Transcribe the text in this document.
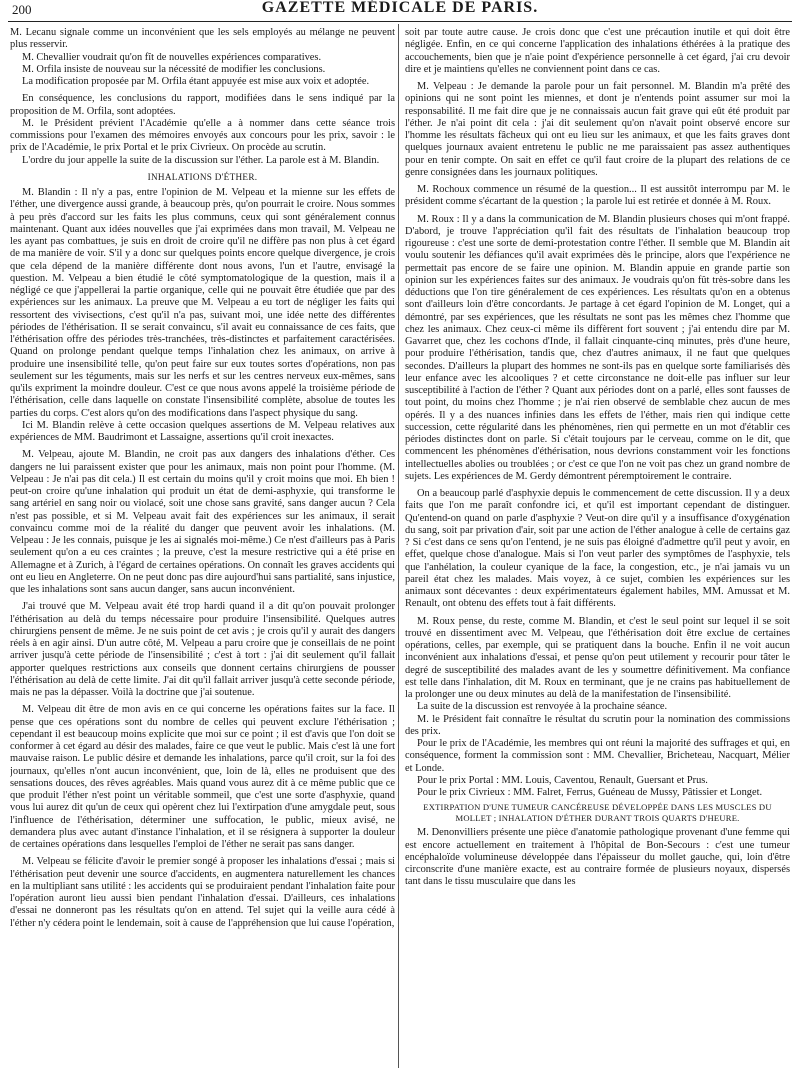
200	GAZETTE MÉDICALE DE PARIS.

M. Lecanu signale comme un inconvénient que les sels employés au mélange ne peuvent plus resservir.

M. Chevallier voudrait qu'on fît de nouvelles expériences comparatives.

M. Orfila insiste de nouveau sur la nécessité de modifier les conclusions.

La modification proposée par M. Orfila étant appuyée est mise aux voix et adoptée.

En conséquence, les conclusions du rapport, modifiées dans le sens indiqué par la proposition de M. Orfila, sont adoptées.

M. le Président prévient l'Académie qu'elle a à nommer dans cette séance trois commissions pour l'examen des mémoires envoyés aux concours pour les prix, savoir : le prix de l'Académie, le prix Portal et le prix Civrieux. On procède au scrutin.

L'ordre du jour appelle la suite de la discussion sur l'éther. La parole est à M. Blandin.

INHALATIONS D'ÉTHER.

M. Blandin : Il n'y a pas, entre l'opinion de M. Velpeau et la mienne sur les effets de l'éther, une divergence aussi grande, à beaucoup près, qu'on pourrait le croire. Nous sommes à peu près d'accord sur les faits les plus communs, ceux qui sont généralement connus maintenant. Quant aux idées nouvelles que j'ai exprimées dans mon travail, M. Velpeau ne les ayant pas combattues, je suis en droit de croire qu'il ne diffère pas non plus à cet égard de ma manière de voir. S'il y a donc sur quelques points encore quelque divergence, je crois que cela dépend de la manière différente dont nous avons, l'un et l'autre, envisagé la question. M. Velpeau a bien étudié le côté symptomatologique de la question, mais il a négligé ce que j'appellerai la partie organique, celle qui ne pouvait être étudiée que par des expériences sur les animaux. La preuve que M. Velpeau a eu tort de négliger les faits qui ressortent des vivisections, c'est qu'il n'a pas, suivant moi, une idée nette des différentes périodes de l'éthérisation. Il se serait convaincu, s'il avait eu connaissance de ces faits, que l'éthérisation offre des périodes très-tranchées, très-distinctes et parfaitement caractérisées. Quand on prolonge pendant quelque temps l'inhalation chez les animaux, on arrive à produire une insensibilité telle, qu'on peut faire sur eux toutes sortes d'opérations, non pas seulement sur les téguments, mais sur les nerfs et sur les centres nerveux eux-mêmes, sans qu'ils expriment la moindre douleur. C'est ce que nous avons appelé la troisième période de l'éthérisation, celle dans laquelle on constate l'insensibilité complète, absolue de toutes les parties du corps. C'est alors qu'on des modifications dans l'aspect physique du sang.

Ici M. Blandin relève à cette occasion quelques assertions de M. Velpeau relatives aux expériences de MM. Baudrimont et Lassaigne, assertions qu'il croit inexactes.

M. Velpeau, ajoute M. Blandin, ne croit pas aux dangers des inhalations d'éther. Ces dangers ne lui paraissent exister que pour les animaux, mais non point pour l'homme. (M. Velpeau : Je n'ai pas dit cela.) Il est certain du moins qu'il y croit moins que moi. Eh bien ! peut-on croire qu'une inhalation qui produit un état de demi-asphyxie, qui transforme le sang artériel en sang noir ou violacé, soit une chose sans gravité, sans danger aucun ? Cela n'est pas possible, et si M. Velpeau avait fait des expériences sur les animaux, il serait convaincu comme moi de la réalité du danger que peuvent avoir les inhalations. (M. Velpeau : Je les connais, puisque je les ai signalés moi-même.) Ce n'est d'ailleurs pas à Paris seulement qu'on a eu ces craintes ; la preuve, c'est la mesure restrictive qui a été prise en Allemagne et à Zurich, à l'égard de certaines opérations. On connaît les graves accidents qui ont eu lieu en Angleterre. On ne peut donc pas dire aujourd'hui sans partialité, sans injustice, que les inhalations sont sans aucun danger, sans aucun inconvénient.

J'ai trouvé que M. Velpeau avait été trop hardi quand il a dit qu'on pouvait prolonger l'éthérisation au delà du temps nécessaire pour produire l'insensibilité. Quelques autres chirurgiens pensent de même. Je ne suis point de cet avis ; je crois qu'il y aurait des dangers réels à en agir ainsi. D'un autre côté, M. Velpeau a paru croire que je conseillais de ne point arriver jusqu'à cette période de l'insensibilité ; c'est à tort : j'ai dit seulement qu'il fallait apporter quelques restrictions aux conseils que donnent certains chirurgiens de pousser l'éthérisation au delà de cette limite. J'ai dit qu'il fallait arriver jusqu'à cette seconde période, mais ne pas la dépasser. Voilà la doctrine que j'ai soutenue.

M. Velpeau dit être de mon avis en ce qui concerne les opérations faites sur la face. Il pense que ces opérations sont du nombre de celles qui peuvent exclure l'éthérisation ; cependant il est beaucoup moins explicite que moi sur ce point ; il est d'avis que l'on doit se conformer à cet égard au désir des malades, faire ce que veut le public. Mais c'est là une fort mauvaise raison. Le public désire et demande les inhalations, parce qu'il croit, sur la foi des journaux, qu'elles n'ont aucun inconvénient, que, loin de là, elles ne produisent que des sensations douces, des rêves agréables. Mais quand vous aurez dit à ce même public que ce que produit l'éther n'est point un véritable sommeil, que c'est une sorte d'asphyxie, quand vous lui aurez dit qu'un de ceux qui opèrent chez lui l'extirpation d'une amygdale peut, sous l'influence de l'éthérisation, déterminer une suffocation, le public, mieux avisé, ne demandera plus avec autant d'instance l'inhalation, et il se résignera à supporter la douleur de certaines opérations dans lesquelles l'emploi de l'éther ne serait pas sans danger.

M. Velpeau se félicite d'avoir le premier songé à proposer les inhalations d'essai ; mais si l'éthérisation peut devenir une source d'accidents, en augmentera naturellement les chances en la multipliant sans utilité : les accidents qui se produiraient pendant l'inhalation faite pour l'opération auront lieu aussi bien pendant l'inhalation d'essai. D'ailleurs, ces inhalations d'essai ne donneront pas les résultats qu'on en attend. Tel sujet qui la veille aura cédé à l'éther n'y cédera point le lendemain, soit à cause de l'appréhension que lui cause l'opération,

soit par toute autre cause. Je crois donc que c'est une précaution inutile et qui doit être négligée. Enfin, en ce qui concerne l'application des inhalations éthérées à la pratique des accouchements, bien que je n'aie point d'expérience personnelle à cet égard, j'ai cru devoir dire et je maintiens qu'elles ne conviennent point dans ce cas.

M. Velpeau : Je demande la parole pour un fait personnel. M. Blandin m'a prêté des opinions qui ne sont point les miennes, et dont je n'entends point assumer sur moi la responsabilité. Il me fait dire que je ne connaissais aucun fait grave qui eût été produit par l'éther. Je n'ai point dit cela : j'ai dit seulement qu'on n'avait point observé encore sur l'homme les résultats fâcheux qui ont eu lieu sur les animaux, et que les faits graves dont quelques journaux avaient entretenu le public ne me paraissaient pas assez authentiques pour en tenir compte. On sait en effet ce qu'il faut croire de la plupart des relations de ce genre consignées dans les journaux politiques.

M. Rochoux commence un résumé de la question... Il est aussitôt interrompu par M. le président comme s'écartant de la question ; la parole lui est retirée et donnée à M. Roux.

M. Roux : Il y a dans la communication de M. Blandin plusieurs choses qui m'ont frappé. D'abord, je trouve l'appréciation qu'il fait des résultats de l'inhalation beaucoup trop rigoureuse : c'est une sorte de demi-protestation contre l'éther. Il semble que M. Blandin ait voulu soutenir les défiances qu'il avait exprimées dès le principe, alors que l'expérience ne permettait pas encore de se faire une opinion. M. Blandin appuie en grande partie son opinion sur les expériences faites sur des animaux. Je voudrais qu'on fût très-sobre dans les déductions que l'on tire généralement de ces expériences. Les résultats qu'on en a obtenus sont d'ailleurs loin d'être concordants. Je partage à cet égard l'opinion de M. Longet, qui a démontré, par ses expériences, que les résultats ne sont pas les mêmes chez l'homme que chez les animaux. Chez ceux-ci même ils diffèrent fort souvent ; j'ai entendu dire par M. Gavarret que, chez les cochons d'Inde, il fallait cinquante-cinq minutes, près d'une heure, pour produire l'éthérisation, tandis que, chez d'autres animaux, il ne faut que quelques secondes. D'ailleurs la plupart des hommes ne sont-ils pas en quelque sorte familiarisés dès leur enfance avec les alcooliques ? et cette circonstance ne doit-elle pas influer sur leur susceptibilité à l'action de l'éther ? Quant aux périodes dont on a parlé, elles sont fausses de tout point, du moins chez l'homme ; je n'ai rien observé de semblable chez aucun de mes opérés. Il y a des nuances infinies dans les effets de l'éther, mais rien qui indique cette succession, cette régularité dans les phénomènes, rien qui permette en un mot d'établir ces périodes distinctes dont on parle. Si c'était toujours par le cerveau, comme on le dit, que commencent les phénomènes d'éthérisation, nous devrions constamment voir les fonctions intellectuelles abolies ou troublées ; or c'est ce que l'on ne voit pas chez un grand nombre de sujets. Les expériences de M. Gerdy démontrent péremptoirement le contraire.

On a beaucoup parlé d'asphyxie depuis le commencement de cette discussion. Il y a deux faits que l'on me paraît confondre ici, et qu'il est important cependant de distinguer. Qu'entend-on quand on parle d'asphyxie ? Veut-on dire qu'il y a insuffisance d'oxygénation du sang, soit par privation d'air, soit par une action de l'éther analogue à celle de certains gaz ? Si c'est dans ce sens qu'on l'entend, je ne suis pas éloigné d'admettre qu'il peut y avoir, en effet, quelque chose d'analogue. Mais si l'on veut parler des symptômes de l'asphyxie, tels que l'anhélation, la couleur cyanique de la face, la congestion, etc., je n'ai jamais vu un pareil état chez les malades. Mais voyez, à ce sujet, combien les expériences sur les animaux sont décevantes : deux expérimentateurs également habiles, MM. Amussat et M. Renault, ont obtenu des effets tout à fait différents.

M. Roux pense, du reste, comme M. Blandin, et c'est le seul point sur lequel il se soit trouvé en dissentiment avec M. Velpeau, que l'éthérisation doit être exclue de certaines opérations, celles, par exemple, qui se pratiquent dans la bouche. Enfin il ne voit aucun inconvénient aux inhalations d'essai, et pense qu'on peut utilement y recourir pour tâter le degré de susceptibilité des malades avant de les y soumettre définitivement. Ma confiance est telle dans l'inhalation, dit M. Roux en terminant, que je ne crains pas habituellement de la prolonger une ou deux minutes au delà de la manifestation de l'insensibilité.

La suite de la discussion est renvoyée à la prochaine séance.

M. le Président fait connaître le résultat du scrutin pour la nomination des commissions des prix.

Pour le prix de l'Académie, les membres qui ont réuni la majorité des suffrages et qui, en conséquence, forment la commission sont : MM. Chevallier, Bricheteau, Nacquart, Mélier et Londe.

Pour le prix Portal : MM. Louis, Caventou, Renault, Guersant et Prus.

Pour le prix Civrieux : MM. Falret, Ferrus, Guéneau de Mussy, Pâtissier et Longet.

EXTIRPATION D'UNE TUMEUR CANCÉREUSE DÉVELOPPÉE DANS LES MUSCLES DU MOLLET ; INHALATION D'ÉTHER DURANT TROIS QUARTS D'HEURE.

M. Denonvilliers présente une pièce d'anatomie pathologique provenant d'une femme qui est encore actuellement en traitement à l'hôpital de Bon-Secours : c'est une tumeur encéphaloïde volumineuse développée dans l'épaisseur du mollet gauche, qui, loin d'être circonscrite d'une manière exacte, est au contraire formée de plusieurs noyaux, dispersés tant dans le tissu musculaire que dans les
